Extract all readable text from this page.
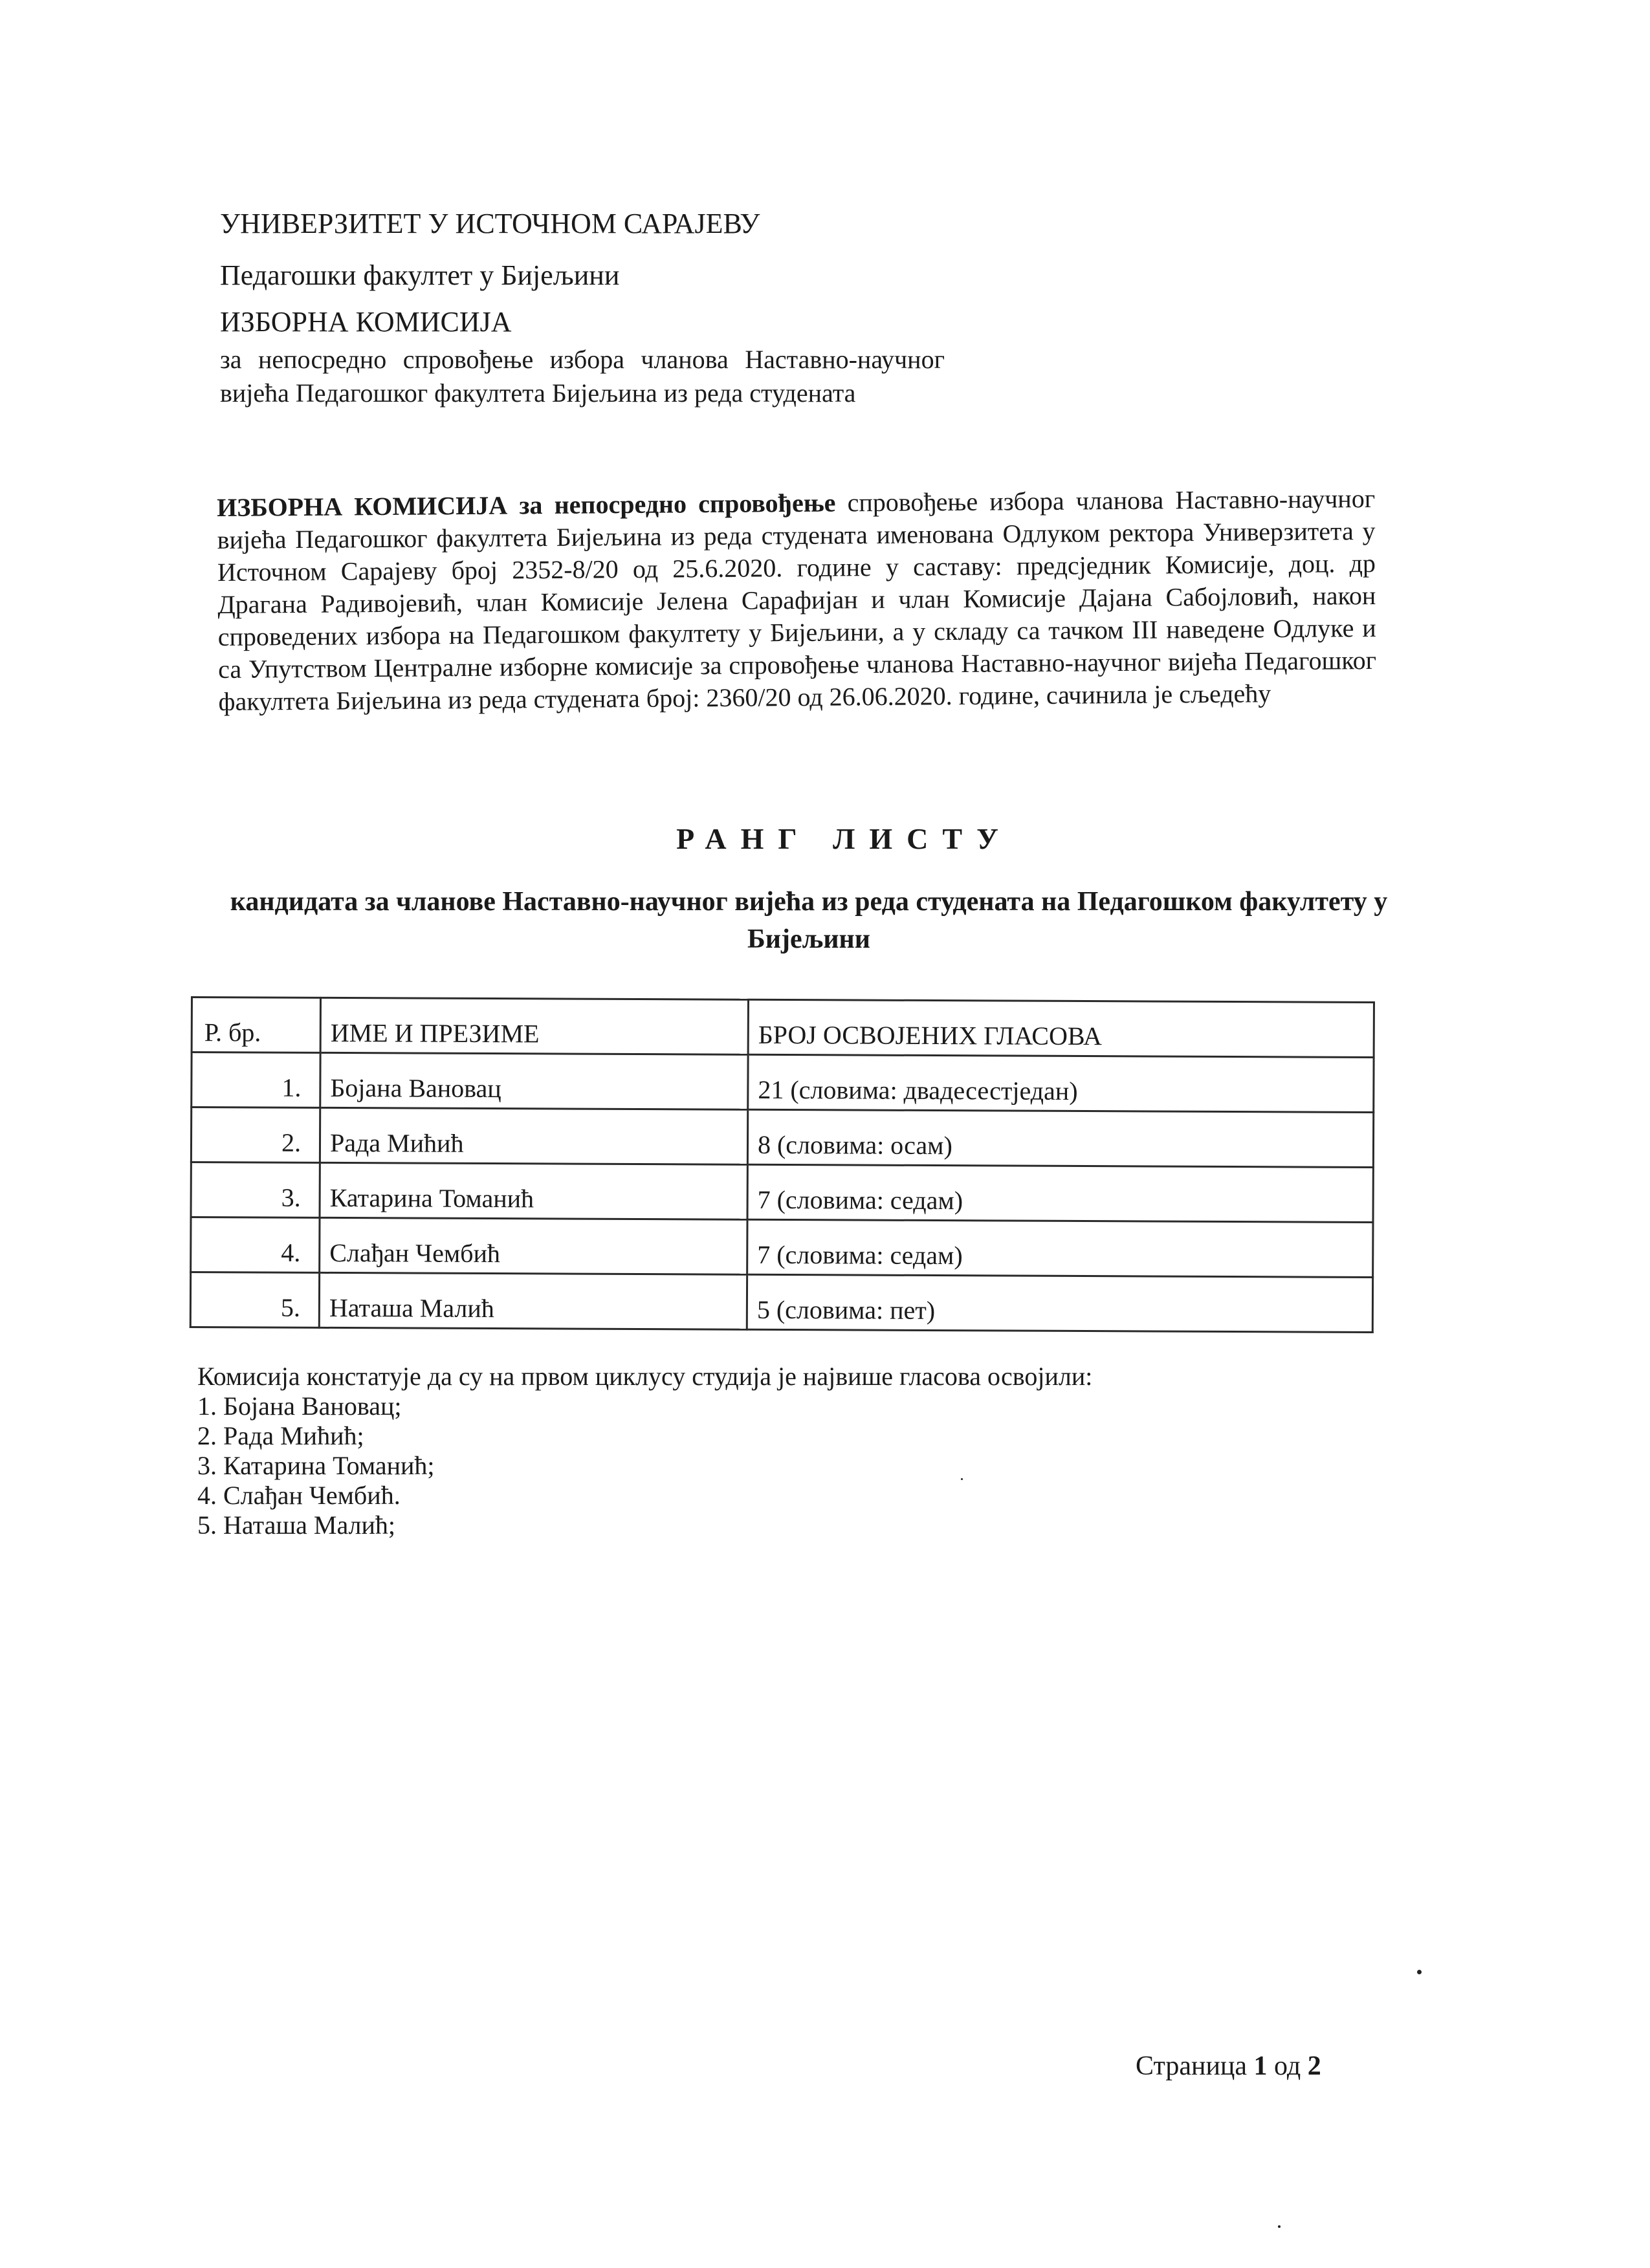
УНИВЕРЗИТЕТ У ИСТОЧНОМ САРАЈЕВУ
Педагошки факултет у Бијељини
ИЗБОРНА КОМИСИЈА
за непосредно спровођење избора чланова Наставно-научног вијећа Педагошког факултета Бијељина из реда студената
ИЗБОРНА КОМИСИЈА за непосредно спровођење спровођење избора чланова Наставно-научног вијећа Педагошког факултета Бијељина из реда студената именована Одлуком ректора Универзитета у Источном Сарајеву број 2352-8/20 од 25.6.2020. године у саставу: предсједник Комисије, доц. др Драгана Радивојевић, члан Комисије Јелена Сарафијан и члан Комисије Дајана Сабојловић, након спроведених избора на Педагошком факултету у Бијељини, а у складу са тачком III наведене Одлуке и са Упутством Централне изборне комисије за спровођење чланова Наставно-научног вијећа Педагошког факултета Бијељина из реда студената број: 2360/20 од 26.06.2020. године, сачинила је сљедећу
РАНГ ЛИСТУ
кандидата за чланове Наставно-научног вијећа из реда студената на Педагошком факултету у Бијељини
Р. бр.	ИМЕ И ПРЕЗИМЕ	БРОЈ ОСВОЈЕНИХ ГЛАСОВА
1.	Бојана Вановац	21 (словима: двадесестједан)
2.	Рада Мићић	8 (словима: осам)
3.	Катарина Томанић	7 (словима: седам)
4.	Слађан Чембић	7 (словима: седам)
5.	Наташа Малић	5 (словима: пет)
Комисија констатује да су на првом циклусу студија је највише гласова освојили:
1. Бојана Вановац;
2. Рада Мићић;
3. Катарина Томанић;
4. Слађан Чембић.
5. Наташа Малић;
Страница 1 од 2
